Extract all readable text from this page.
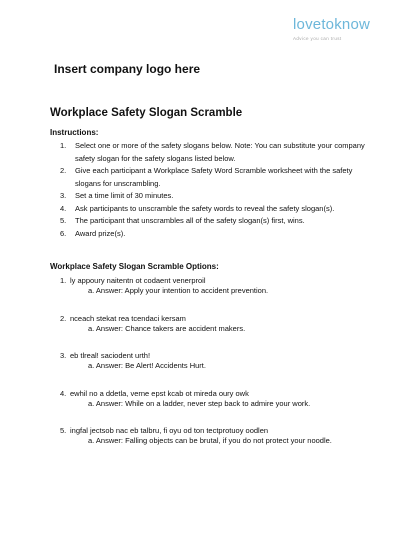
lovetoknow
Advice you can trust
Insert company logo here
Workplace Safety Slogan Scramble
Instructions:
1.	Select one or more of the safety slogans below. Note: You can substitute your company safety slogan for the safety slogans listed below.
2.	Give each participant a Workplace Safety Word Scramble worksheet with the safety slogans for unscrambling.
3.	Set a time limit of 30 minutes.
4.	Ask participants to unscramble the safety words to reveal the safety slogan(s).
5.	The participant that unscrambles all of the safety slogan(s) first, wins.
6.	Award prize(s).
Workplace Safety Slogan Scramble Options:
1. ly appoury naitentn ot codaent venerproil
a. Answer: Apply your intention to accident prevention.
2. nceach stekat rea tcendaci kersam
a. Answer: Chance takers are accident makers.
3. eb tlreal! saciodent urth!
a. Answer: Be Alert! Accidents Hurt.
4. ewhil no a ddetla, verne epst kcab ot mireda oury owk
a. Answer: While on a ladder, never step back to admire your work.
5. ingfal jectsob nac eb talbru, fi oyu od ton tectprotuoy oodlen
a. Answer: Falling objects can be brutal, if you do not protect your noodle.
